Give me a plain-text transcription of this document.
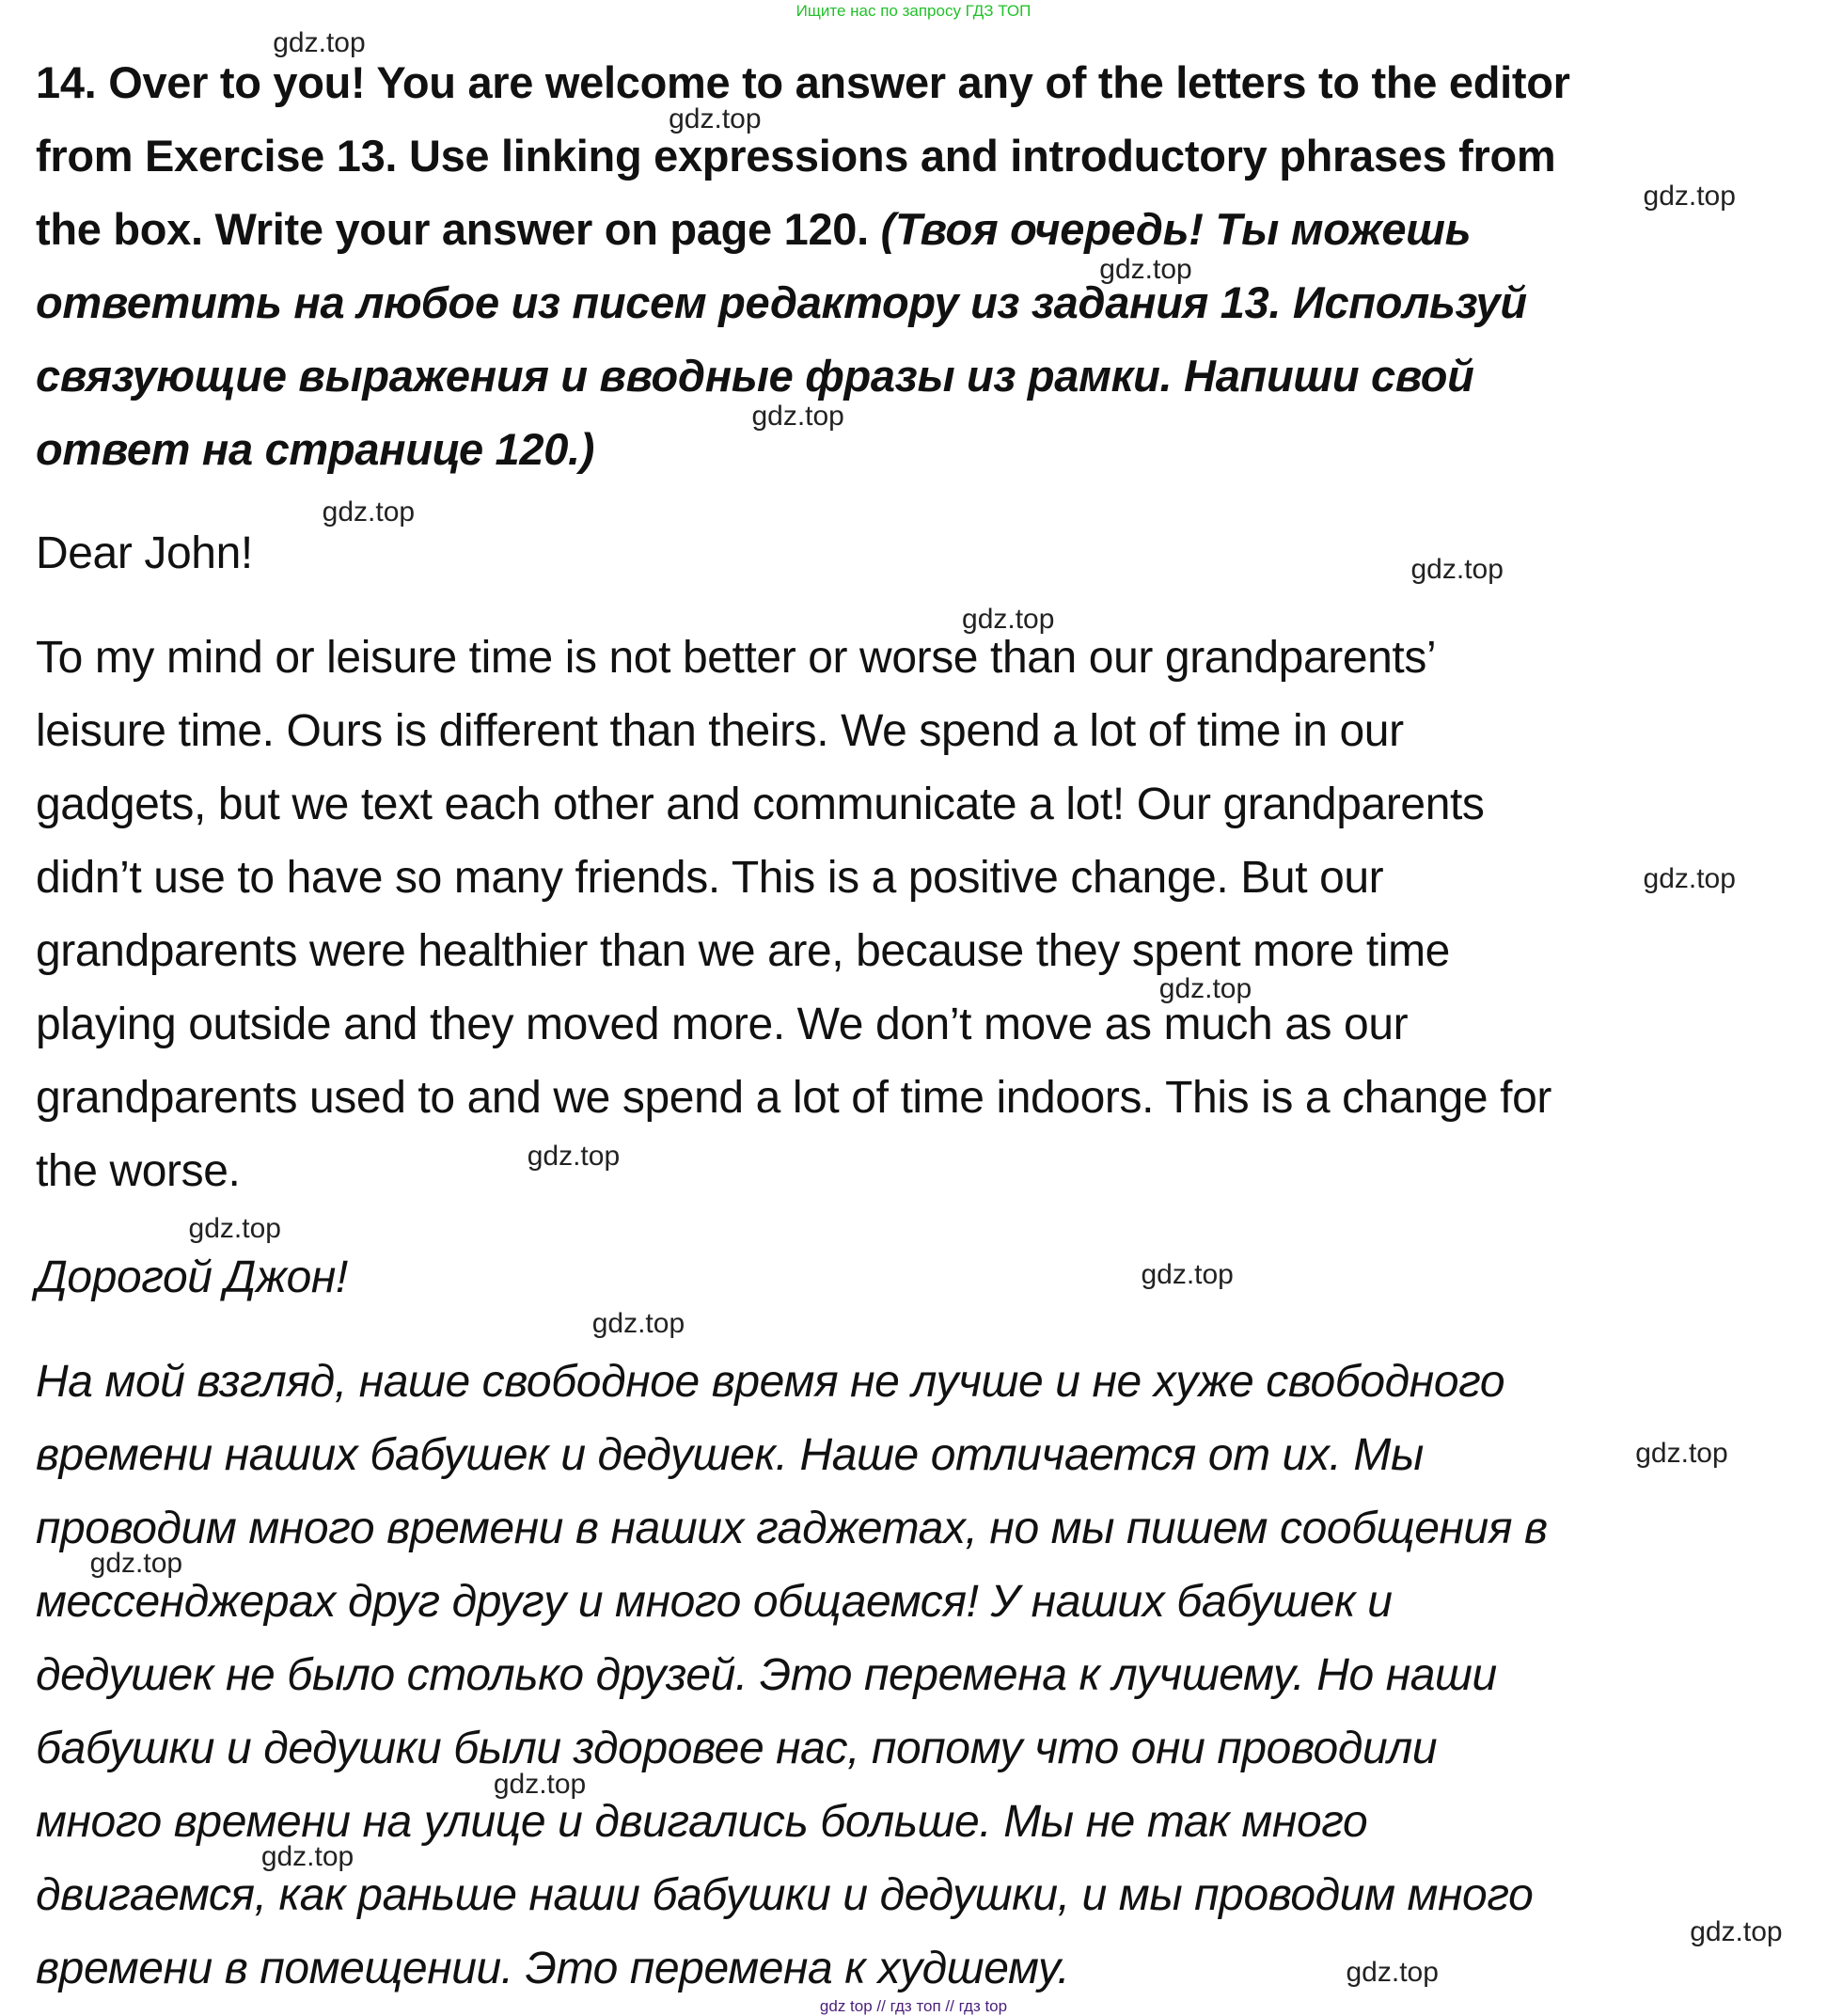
Ищите нас по запросу ГДЗ ТОП
14. Over to you! You are welcome to answer any of the letters to the editor
from Exercise 13. Use linking expressions and introductory phrases from
the box. Write your answer on page 120. (Твоя очередь! Ты можешь
ответить на любое из писем редактору из задания 13. Используй
связующие выражения и вводные фразы из рамки. Напиши свой
ответ на странице 120.)
Dear John!
To my mind or leisure time is not better or worse than our grandparents’
leisure time. Ours is different than theirs. We spend a lot of time in our
gadgets, but we text each other and communicate a lot! Our grandparents
didn’t use to have so many friends. This is a positive change. But our
grandparents were healthier than we are, because they spent more time
playing outside and they moved more. We don’t move as much as our
grandparents used to and we spend a lot of time indoors. This is a change for
the worse.
Дорогой Джон!
На мой взгляд, наше свободное время не лучше и не хуже свободного
времени наших бабушек и дедушек. Наше отличается от их. Мы
проводим много времени в наших гаджетах, но мы пишем сообщения в
мессенджерах друг другу и много общаемся! У наших бабушек и
дедушек не было столько друзей. Это перемена к лучшему. Но наши
бабушки и дедушки были здоровее нас, попому что они проводили
много времени на улице и двигались больше. Мы не так много
двигаемся, как раньше наши бабушки и дедушки, и мы проводим много
времени в помещении. Это перемена к худшему.
gdz.top
gdz.top
gdz.top
gdz.top
gdz.top
gdz.top
gdz.top
gdz.top
gdz.top
gdz.top
gdz.top
gdz.top
gdz.top
gdz.top
gdz.top
gdz.top
gdz.top
gdz.top
gdz.top
gdz.top
gdz top // гдз топ // гдз top
